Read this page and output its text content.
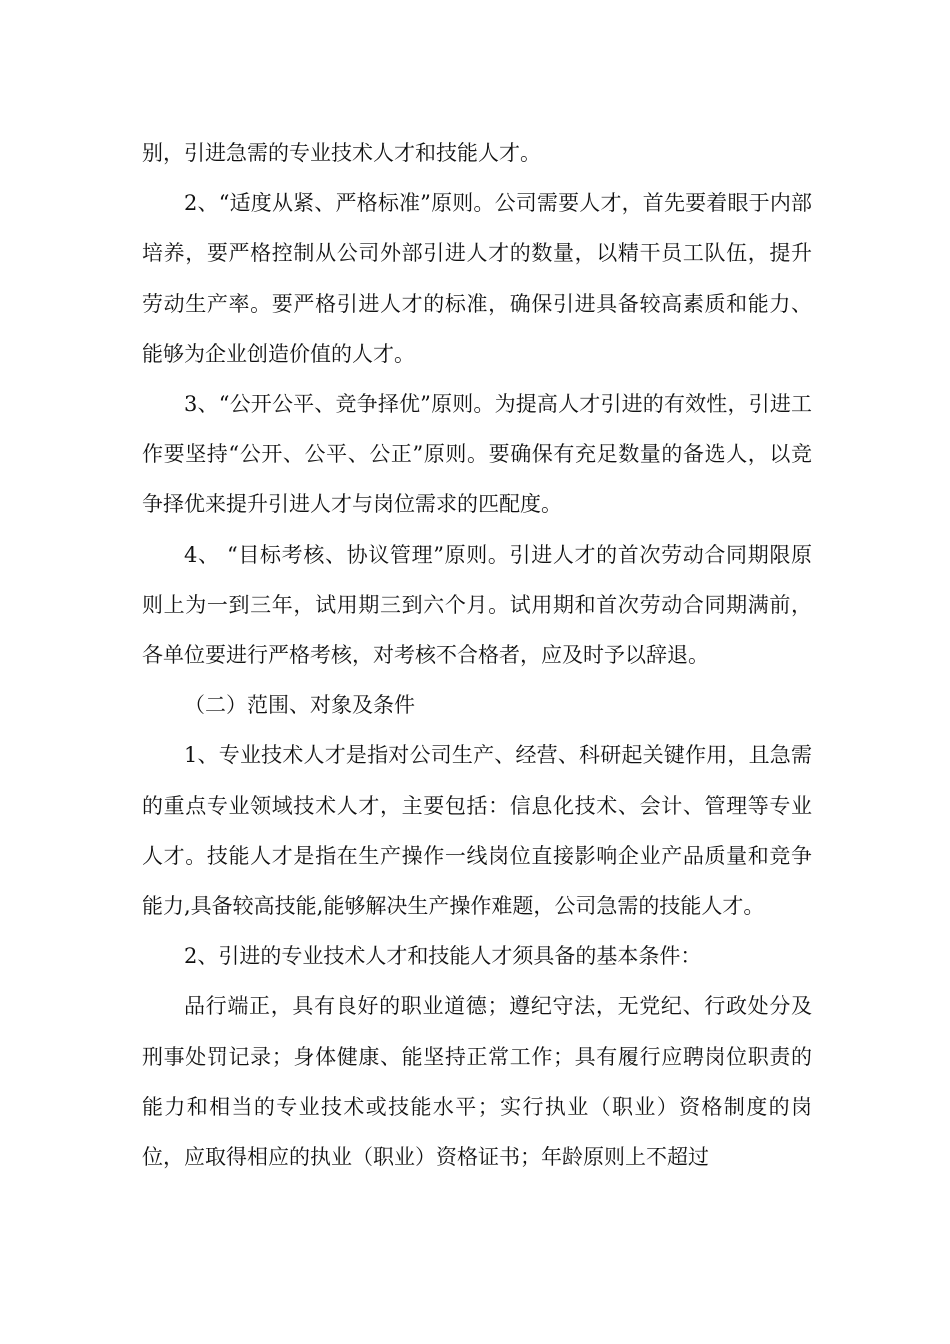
别，引进急需的专业技术人才和技能人才。

2、“适度从紧、严格标准”原则。公司需要人才，首先要着眼于内部培养，要严格控制从公司外部引进人才的数量，以精干员工队伍，提升劳动生产率。要严格引进人才的标准，确保引进具备较高素质和能力、能够为企业创造价值的人才。

3、“公开公平、竞争择优”原则。为提高人才引进的有效性，引进工作要坚持“公开、公平、公正”原则。要确保有充足数量的备选人，以竞争择优来提升引进人才与岗位需求的匹配度。

4、 “目标考核、协议管理”原则。引进人才的首次劳动合同期限原则上为一到三年，试用期三到六个月。试用期和首次劳动合同期满前，各单位要进行严格考核，对考核不合格者，应及时予以辞退。

（二）范围、对象及条件

1、专业技术人才是指对公司生产、经营、科研起关键作用，且急需的重点专业领域技术人才，主要包括：信息化技术、会计、管理等专业人才。技能人才是指在生产操作一线岗位直接影响企业产品质量和竞争能力,具备较高技能,能够解决生产操作难题，公司急需的技能人才。

2、引进的专业技术人才和技能人才须具备的基本条件：

品行端正，具有良好的职业道德；遵纪守法，无党纪、行政处分及刑事处罚记录；身体健康、能坚持正常工作；具有履行应聘岗位职责的能力和相当的专业技术或技能水平；实行执业（职业）资格制度的岗位，应取得相应的执业（职业）资格证书；年龄原则上不超过
